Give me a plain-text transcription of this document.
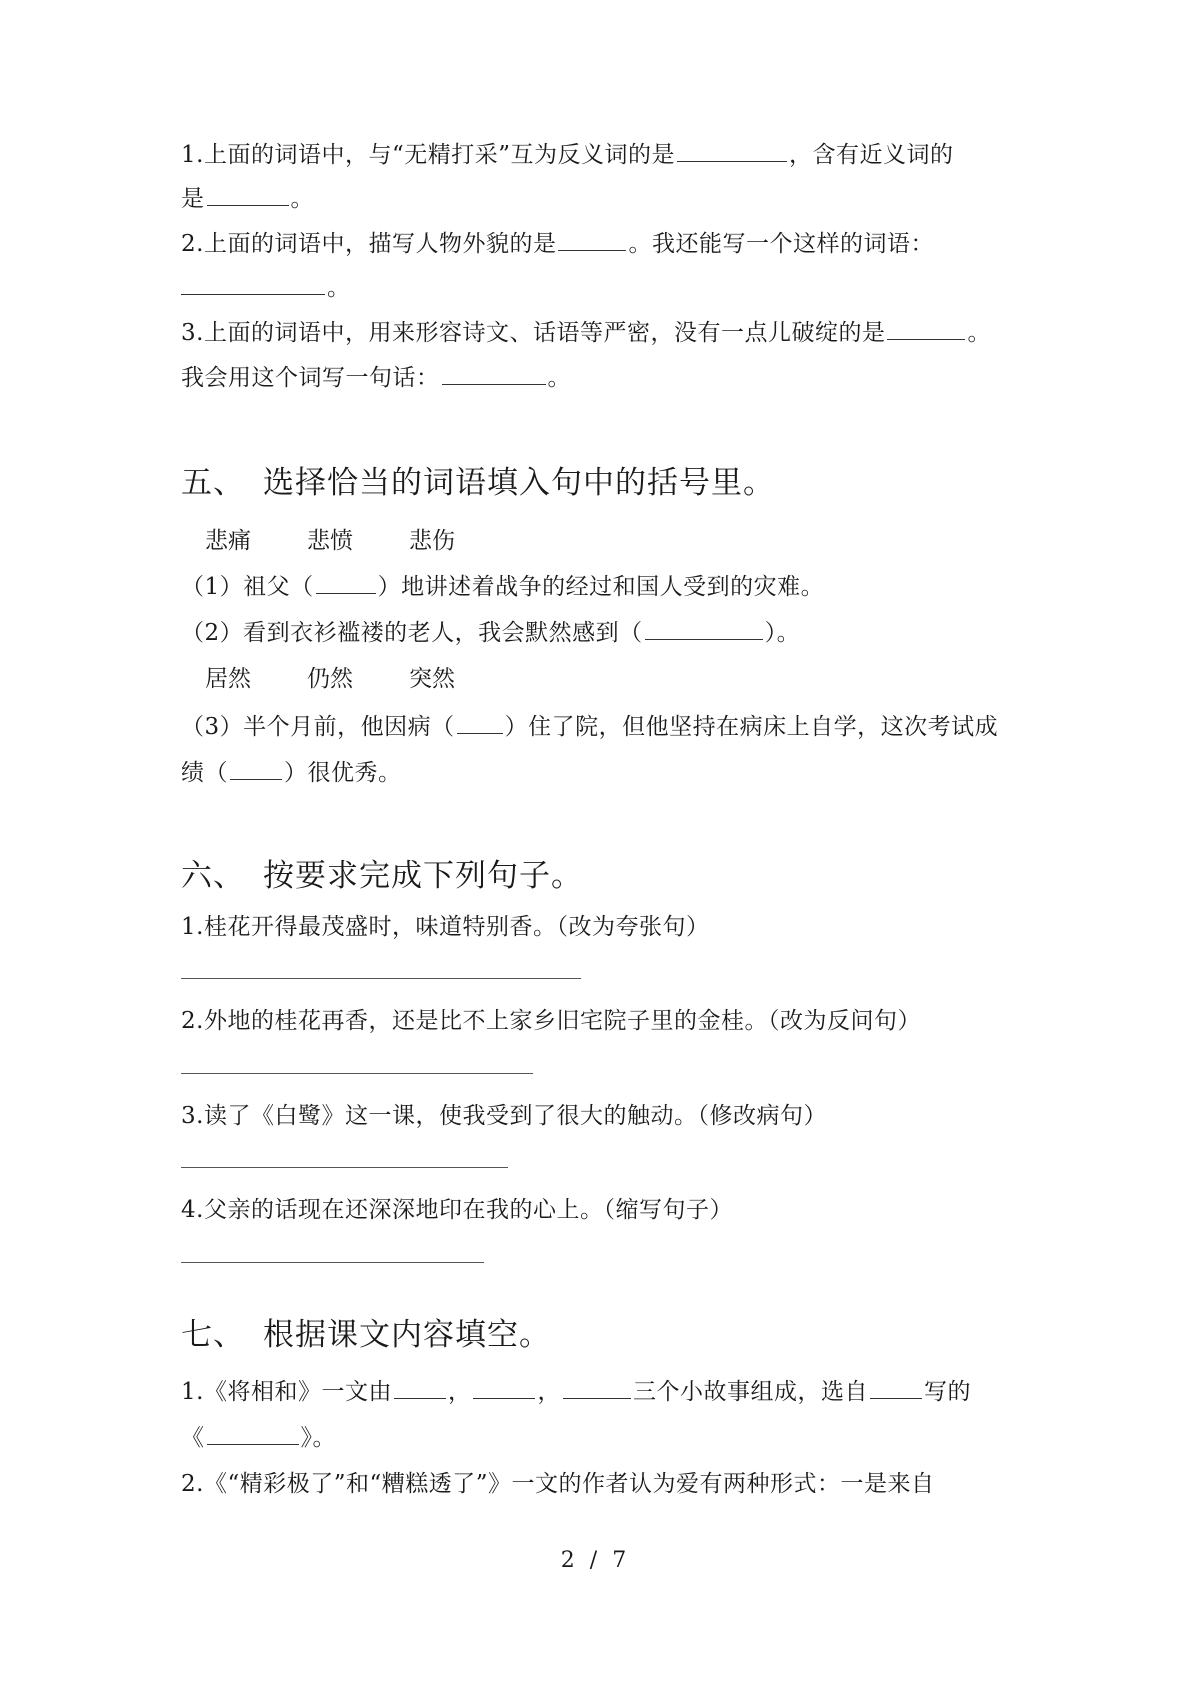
1.上面的词语中，与“无精打采”互为反义词的是	，含有近义词的
是	。
2.上面的词语中，描写人物外貌的是	。我还能写一个这样的词语：
。
3.上面的词语中，用来形容诗文、话语等严密，没有一点儿破绽的是	。
我会用这个词写一句话：	。
五、 选择恰当的词语填入句中的括号里。
悲痛 悲愤 悲伤
（1）祖父（	）地讲述着战争的经过和国人受到的灾难。
（2）看到衣衫褴褛的老人，我会默然感到（	）。
居然 仍然 突然
（3）半个月前，他因病（ ）住了院，但他坚持在病床上自学，这次考试成
绩（ ）很优秀。
六、 按要求完成下列句子。
1.桂花开得最茂盛时，味道特别香。（改为夸张句）
2.外地的桂花再香，还是比不上家乡旧宅院子里的金桂。（改为反问句）
3.读了《白鹭》这一课，使我受到了很大的触动。（修改病句）
4.父亲的话现在还深深地印在我的心上。（缩写句子）
七、 根据课文内容填空。
1.《将相和》一文由 ，	，	三个小故事组成，选自 写的
《	》。
2.《“精彩极了”和“糟糕透了”》一文的作者认为爱有两种形式：一是来自
2 / 7
